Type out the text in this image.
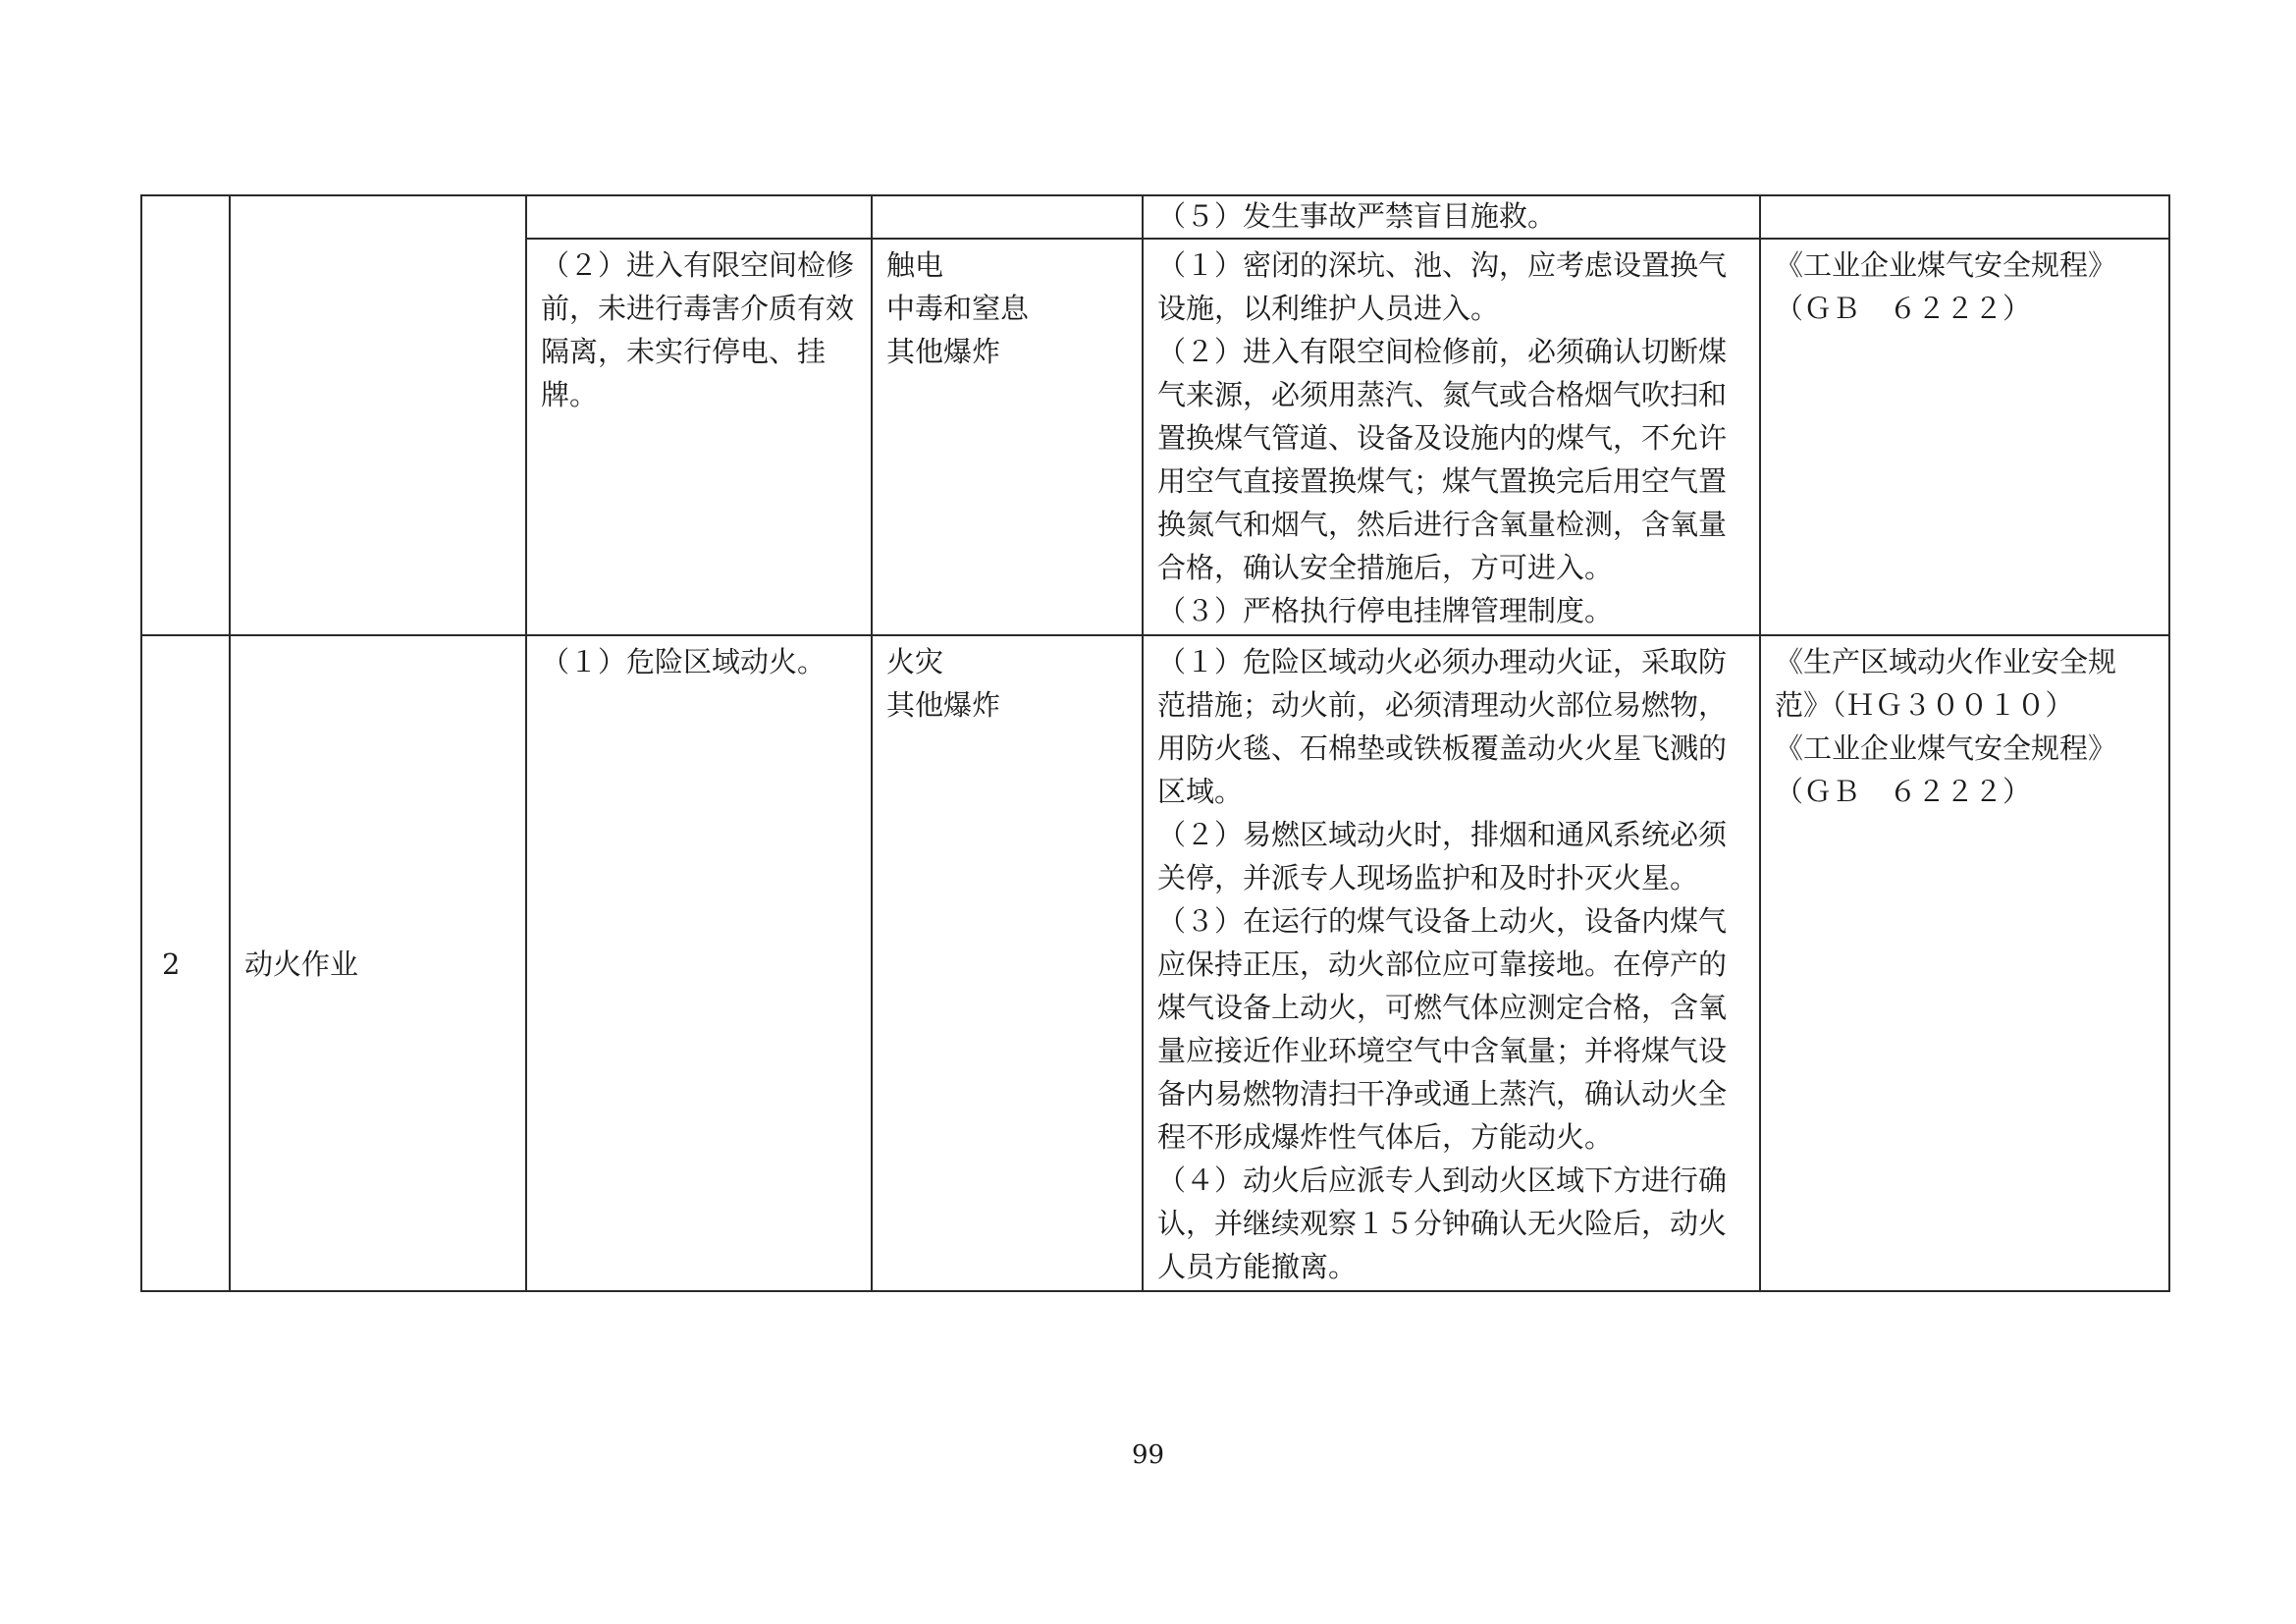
				（５）发生事故严禁盲目施救。	

		（２）进入有限空间检修前，未进行毒害介质有效隔离，未实行停电、挂牌。	触电
中毒和窒息
其他爆炸	（１）密闭的深坑、池、沟，应考虑设置换气设施，以利维护人员进入。
（２）进入有限空间检修前，必须确认切断煤气来源，必须用蒸汽、氮气或合格烟气吹扫和置换煤气管道、设备及设施内的煤气，不允许用空气直接置换煤气；煤气置换完后用空气置换氮气和烟气，然后进行含氧量检测，含氧量合格，确认安全措施后，方可进入。
（３）严格执行停电挂牌管理制度。	《工业企业煤气安全规程》（ＧＢ　６２２２）

2	动火作业	（１）危险区域动火。	火灾
其他爆炸	（１）危险区域动火必须办理动火证，采取防范措施；动火前，必须清理动火部位易燃物，用防火毯、石棉垫或铁板覆盖动火火星飞溅的区域。
（２）易燃区域动火时，排烟和通风系统必须关停，并派专人现场监护和及时扑灭火星。
（３）在运行的煤气设备上动火，设备内煤气应保持正压，动火部位应可靠接地。在停产的煤气设备上动火，可燃气体应测定合格，含氧量应接近作业环境空气中含氧量；并将煤气设备内易燃物清扫干净或通上蒸汽，确认动火全程不形成爆炸性气体后，方能动火。
（４）动火后应派专人到动火区域下方进行确认，并继续观察１５分钟确认无火险后，动火人员方能撤离。	《生产区域动火作业安全规范》（ＨＧ３００１０）
《工业企业煤气安全规程》（ＧＢ　６２２２）
99
